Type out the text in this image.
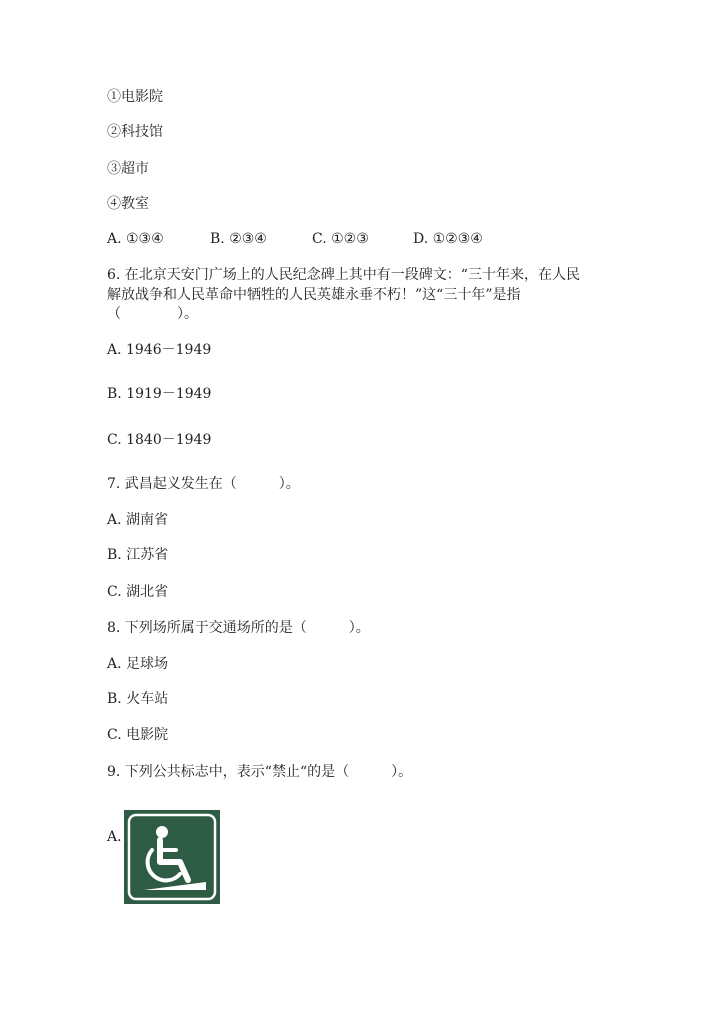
①电影院
②科技馆
③超市
④教室
A. ①③④	B. ②③④	C. ①②③	D. ①②③④
6. 在北京天安门广场上的人民纪念碑上其中有一段碑文：“三十年来，在人民
解放战争和人民革命中牺牲的人民英雄永垂不朽！”这“三十年”是指
（　　　　）。
A. 1946－1949
B. 1919－1949
C. 1840－1949
7. 武昌起义发生在（　　　）。
A. 湖南省
B. 江苏省
C. 湖北省
8. 下列场所属于交通场所的是（　　　）。
A. 足球场
B. 火车站
C. 电影院
9. 下列公共标志中，表示“禁止“的是（　　　）。
A.
